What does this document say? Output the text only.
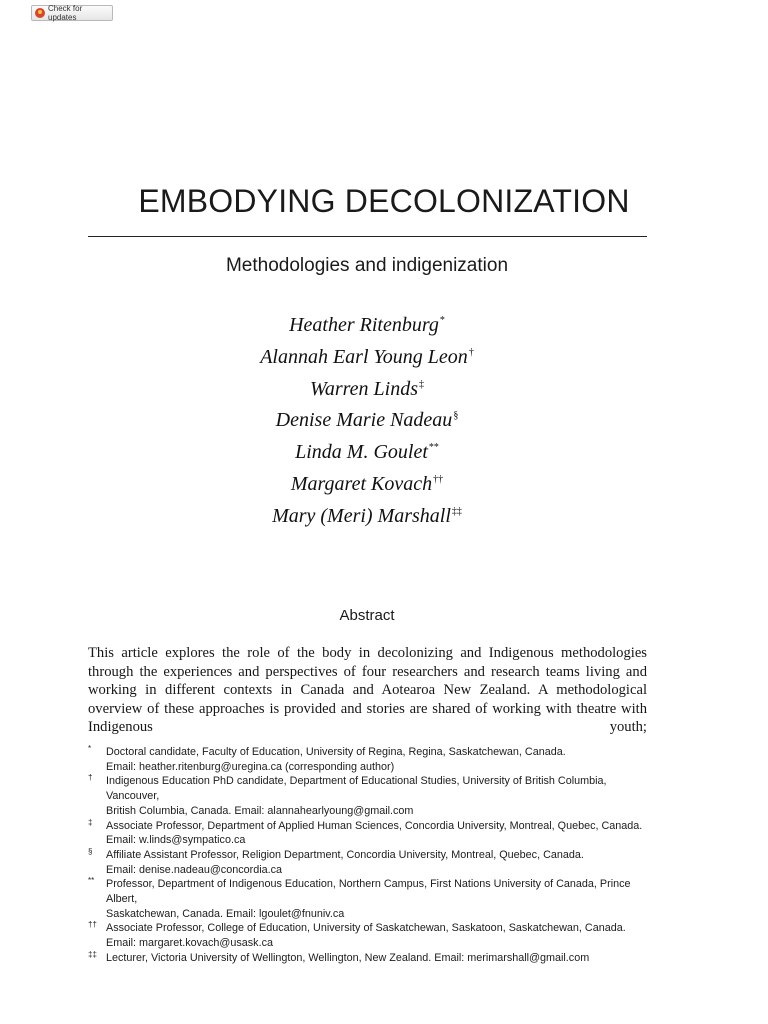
Check for updates
EMBODYING DECOLONIZATION
Methodologies and indigenization
Heather Ritenburg*
Alannah Earl Young Leon†
Warren Linds‡
Denise Marie Nadeau§
Linda M. Goulet**
Margaret Kovach††
Mary (Meri) Marshall‡‡
Abstract

This article explores the role of the body in decolonizing and Indigenous methodologies through the experiences and perspectives of four researchers and research teams living and working in different contexts in Canada and Aotearoa New Zealand. A methodological overview of these approaches is provided and stories are shared of working with theatre with Indigenous youth;

* Doctoral candidate, Faculty of Education, University of Regina, Regina, Saskatchewan, Canada.
Email: heather.ritenburg@uregina.ca (corresponding author)
† Indigenous Education PhD candidate, Department of Educational Studies, University of British Columbia, Vancouver,
British Columbia, Canada. Email: alannahearlyoung@gmail.com
‡ Associate Professor, Department of Applied Human Sciences, Concordia University, Montreal, Quebec, Canada.
Email: w.linds@sympatico.ca
§ Affiliate Assistant Professor, Religion Department, Concordia University, Montreal, Quebec, Canada.
Email: denise.nadeau@concordia.ca
** Professor, Department of Indigenous Education, Northern Campus, First Nations University of Canada, Prince Albert,
Saskatchewan, Canada. Email: lgoulet@fnuniv.ca
†† Associate Professor, College of Education, University of Saskatchewan, Saskatoon, Saskatchewan, Canada.
Email: margaret.kovach@usask.ca
‡‡ Lecturer, Victoria University of Wellington, Wellington, New Zealand. Email: merimarshall@gmail.com
